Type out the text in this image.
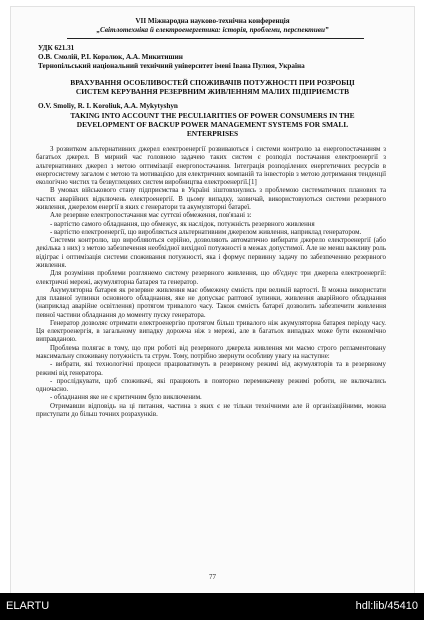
VII Міжнародна науково-технічна конференція
„Світлотехніка й електроенергетика: історія, проблеми, перспективи”
УДК 621.31
О.В. Смолій, Р.І. Королюк, А.А. Микитишин
Тернопільський національний технічний університет імені Івана Пулюя, Україна
ВРАХУВАННЯ ОСОБЛИВОСТЕЙ СПОЖИВАЧІВ ПОТУЖНОСТІ ПРИ РОЗРОБЦІ
СИСТЕМ КЕРУВАННЯ РЕЗЕРВНИМ ЖИВЛЕННЯМ МАЛИХ ПІДПРИЄМСТВ
O.V. Smoliy, R. I. Koroliuk, A.A. Mykytyshyn
TAKING INTO ACCOUNT THE PECULIARITIES OF POWER CONSUMERS IN THE
DEVELOPMENT OF BACKUP POWER MANAGEMENT SYSTEMS FOR SMALL
ENTERPRISES

З розвитком альтернативних джерел електроенергії розвиваються і системи контролю за енергопостачанням з багатьох джерел. В мирний час головною задачею таких систем є розподіл постачання електроенергії з альтернативних джерел з метою оптимізації енергопостачання. Інтеграція розподілених енергетичних ресурсів в енергосистему загалом є метою та мотивацією для електричних компаній та інвесторів з метою дотримання тенденції екологічно чистих та безвуглецевих систем виробництва електроенергії.[1]

В умовах військового стану підприємства в Україні зіштовхнулись з проблемою систематичних планових та частих аварійних відключень електроенергії. В цьому випадку, зазвичай, використовуються системи резервного живлення, джерелом енергії в яких є генератори та акумуляторні батареї.

Але резервне електропостачання має суттєві обмеження, пов'язані з:

- вартістю самого обладнання, що обмежує, як наслідок, потужність резервного живлення

- вартістю електроенергії, що виробляється альтернативним джерелом живлення, наприклад генератором.

Системи контролю, що виробляються серійно, дозволяють автоматично вибирати джерело електроенергії (або декілька з них) з метою забезпечення необхідної вихідної потужності в межах допустимої. Але не менш важливу роль відіграє і оптимізація системи споживання потужності, яка і формує первинну задачу по забезпеченню резервного живлення.

Для розуміння проблеми розглянемо систему резервного живлення, що об'єднує три джерела електроенергії: електричні мережі, акумуляторна батарея та генератор.

Акумуляторна батарея як резервне живлення має обмежену ємність при великій вартості. Її можна використати для плавної зупинки основного обладнання, яке не допускає раптової зупинки, живлення аварійного обладнання (наприклад аварійне освітлення) протягом тривалого часу. Також ємність батареї дозволить забезпечити живлення певної частини обладнання до моменту пуску генератора.

Генератор дозволяє отримати електроенергію протягом більш тривалого ніж акумуляторна батарея періоду часу. Ця електроенергія, в загальному випадку дорожча ніж з мережі, але в багатьох випадках може бути економічно виправданою.

Проблема полягає в тому, що при роботі від резервного джерела живлення ми маємо строго регламентовану максимальну споживану потужність та струм. Тому, потрібно звернути особливу увагу на наступне:

- вибрати, які технологічні процеси працюватимуть в резервному режимі від акумуляторів та в резервному режимі від генератора.

- прослідкувати, щоб споживачі, які працюють в повторно перемикачеву режимі роботи, не включались одночасно.

- обладнання яке не є критичним було виключеним.

Отримавши відповідь на ці питання, частина з яких є не тільки технічними але й організаційними, можна приступати до більш точних розрахунків.

77
ELARTU	hdl:lib/45410
